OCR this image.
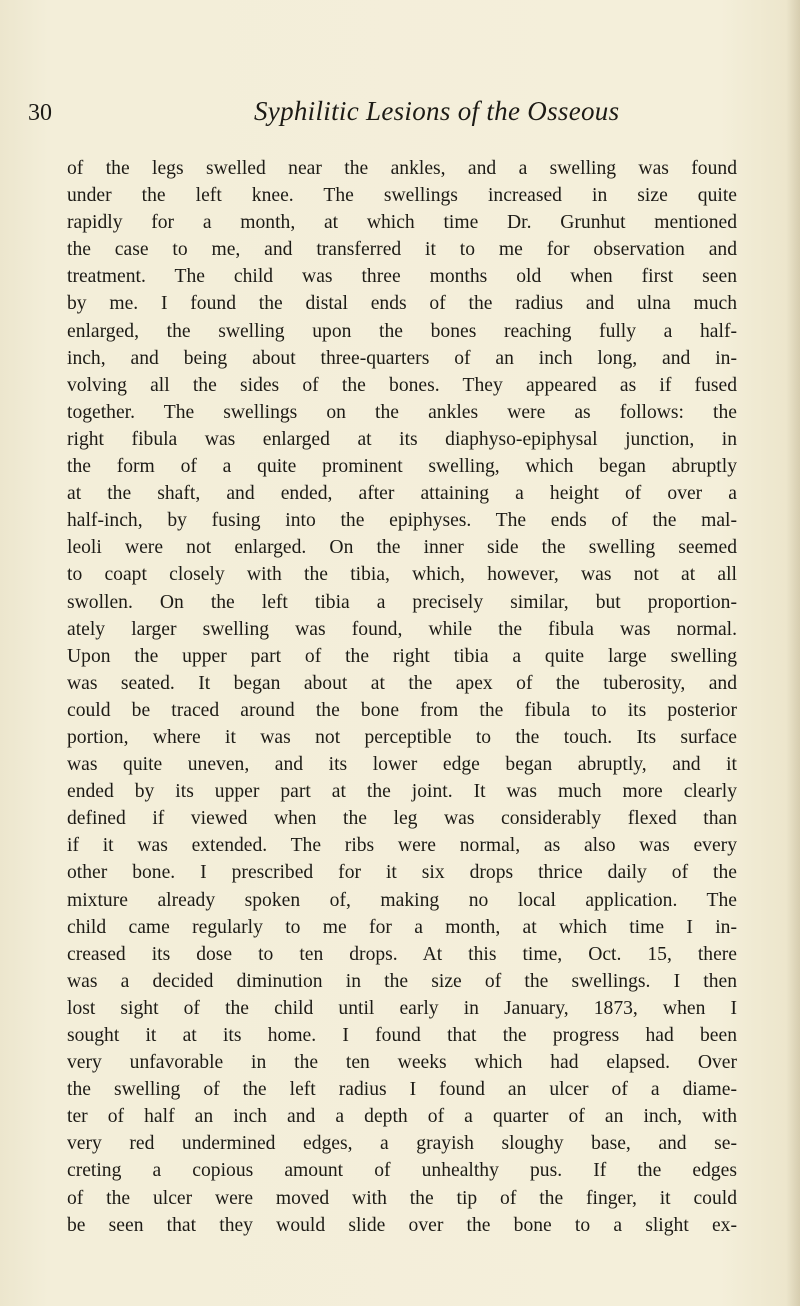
30	Syphilitic Lesions of the Osseous
of the legs swelled near the ankles, and a swelling was found
under the left knee. The swellings increased in size quite
rapidly for a month, at which time Dr. Grunhut mentioned
the case to me, and transferred it to me for observation and
treatment. The child was three months old when first seen
by me. I found the distal ends of the radius and ulna much
enlarged, the swelling upon the bones reaching fully a half-
inch, and being about three-quarters of an inch long, and in-
volving all the sides of the bones. They appeared as if fused
together. The swellings on the ankles were as follows: the
right fibula was enlarged at its diaphyso-epiphysal junction, in
the form of a quite prominent swelling, which began abruptly
at the shaft, and ended, after attaining a height of over a
half-inch, by fusing into the epiphyses. The ends of the mal-
leoli were not enlarged. On the inner side the swelling seemed
to coapt closely with the tibia, which, however, was not at all
swollen. On the left tibia a precisely similar, but proportion-
ately larger swelling was found, while the fibula was normal.
Upon the upper part of the right tibia a quite large swelling
was seated. It began about at the apex of the tuberosity, and
could be traced around the bone from the fibula to its posterior
portion, where it was not perceptible to the touch. Its surface
was quite uneven, and its lower edge began abruptly, and it
ended by its upper part at the joint. It was much more clearly
defined if viewed when the leg was considerably flexed than
if it was extended. The ribs were normal, as also was every
other bone. I prescribed for it six drops thrice daily of the
mixture already spoken of, making no local application. The
child came regularly to me for a month, at which time I in-
creased its dose to ten drops. At this time, Oct. 15, there
was a decided diminution in the size of the swellings. I then
lost sight of the child until early in January, 1873, when I
sought it at its home. I found that the progress had been
very unfavorable in the ten weeks which had elapsed. Over
the swelling of the left radius I found an ulcer of a diame-
ter of half an inch and a depth of a quarter of an inch, with
very red undermined edges, a grayish sloughy base, and se-
creting a copious amount of unhealthy pus. If the edges
of the ulcer were moved with the tip of the finger, it could
be seen that they would slide over the bone to a slight ex-
